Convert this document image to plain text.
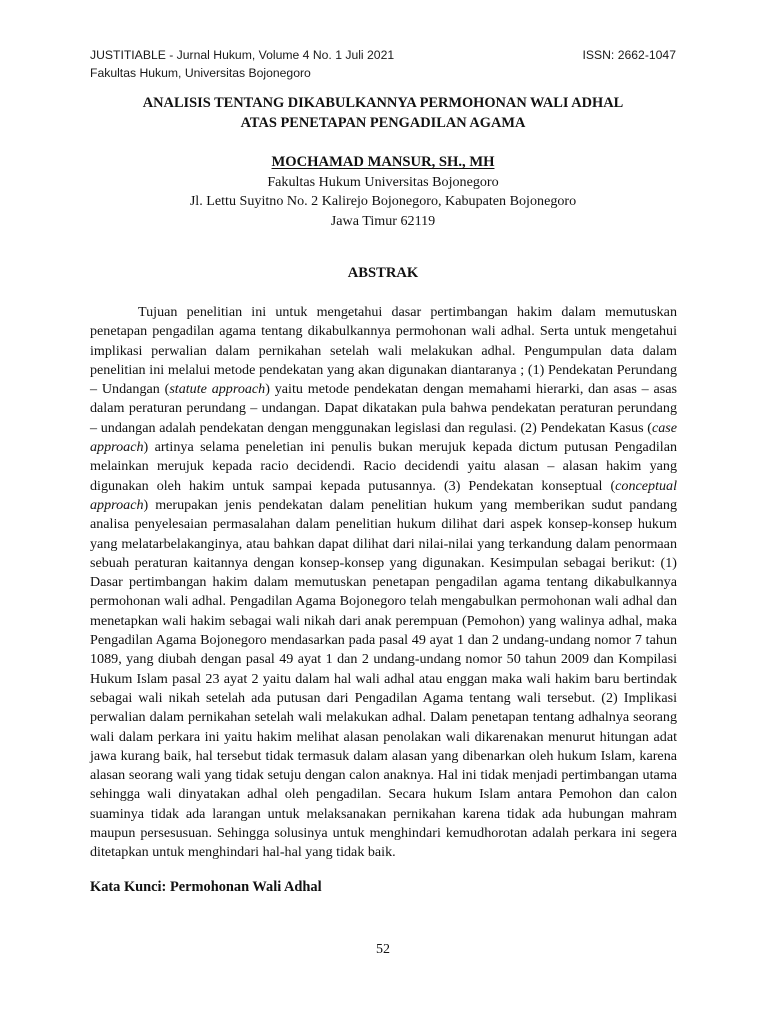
JUSTITIABLE - Jurnal Hukum, Volume 4 No. 1 Juli 2021	ISSN: 2662-1047
Fakultas Hukum, Universitas Bojonegoro
ANALISIS TENTANG DIKABULKANNYA PERMOHONAN WALI ADHAL
ATAS PENETAPAN PENGADILAN AGAMA
MOCHAMAD MANSUR, SH., MH
Fakultas Hukum Universitas Bojonegoro
Jl. Lettu Suyitno No. 2 Kalirejo Bojonegoro, Kabupaten Bojonegoro
Jawa Timur 62119
ABSTRAK

Tujuan penelitian ini untuk mengetahui dasar pertimbangan hakim dalam memutuskan penetapan pengadilan agama tentang dikabulkannya permohonan wali adhal. Serta untuk mengetahui implikasi perwalian dalam pernikahan setelah wali melakukan adhal. Pengumpulan data dalam penelitian ini melalui metode pendekatan yang akan digunakan diantaranya ; (1) Pendekatan Perundang – Undangan (statute approach) yaitu metode pendekatan dengan memahami hierarki, dan asas – asas dalam peraturan perundang – undangan. Dapat dikatakan pula bahwa pendekatan peraturan perundang – undangan adalah pendekatan dengan menggunakan legislasi dan regulasi. (2) Pendekatan Kasus (case approach) artinya selama peneletian ini penulis bukan merujuk kepada dictum putusan Pengadilan melainkan merujuk kepada racio decidendi. Racio decidendi yaitu alasan – alasan hakim yang digunakan oleh hakim untuk sampai kepada putusannya. (3) Pendekatan konseptual (conceptual approach) merupakan jenis pendekatan dalam penelitian hukum yang memberikan sudut pandang analisa penyelesaian permasalahan dalam penelitian hukum dilihat dari aspek konsep-konsep hukum yang melatarbelakanginya, atau bahkan dapat dilihat dari nilai-nilai yang terkandung dalam penormaan sebuah peraturan kaitannya dengan konsep-konsep yang digunakan. Kesimpulan sebagai berikut: (1) Dasar pertimbangan hakim dalam memutuskan penetapan pengadilan agama tentang dikabulkannya permohonan wali adhal. Pengadilan Agama Bojonegoro telah mengabulkan permohonan wali adhal dan menetapkan wali hakim sebagai wali nikah dari anak perempuan (Pemohon) yang walinya adhal, maka Pengadilan Agama Bojonegoro mendasarkan pada pasal 49 ayat 1 dan 2 undang-undang nomor 7 tahun 1089, yang diubah dengan pasal 49 ayat 1 dan 2 undang-undang nomor 50 tahun 2009 dan Kompilasi Hukum Islam pasal 23 ayat 2 yaitu dalam hal wali adhal atau enggan maka wali hakim baru bertindak sebagai wali nikah setelah ada putusan dari Pengadilan Agama tentang wali tersebut. (2) Implikasi perwalian dalam pernikahan setelah wali melakukan adhal. Dalam penetapan tentang adhalnya seorang wali dalam perkara ini yaitu hakim melihat alasan penolakan wali dikarenakan menurut hitungan adat jawa kurang baik, hal tersebut tidak termasuk dalam alasan yang dibenarkan oleh hukum Islam, karena alasan seorang wali yang tidak setuju dengan calon anaknya. Hal ini tidak menjadi pertimbangan utama sehingga wali dinyatakan adhal oleh pengadilan. Secara hukum Islam antara Pemohon dan calon suaminya tidak ada larangan untuk melaksanakan pernikahan karena tidak ada hubungan mahram maupun persesusuan. Sehingga solusinya untuk menghindari kemudhorotan adalah perkara ini segera ditetapkan untuk menghindari hal-hal yang tidak baik.

Kata Kunci: Permohonan Wali Adhal
52
